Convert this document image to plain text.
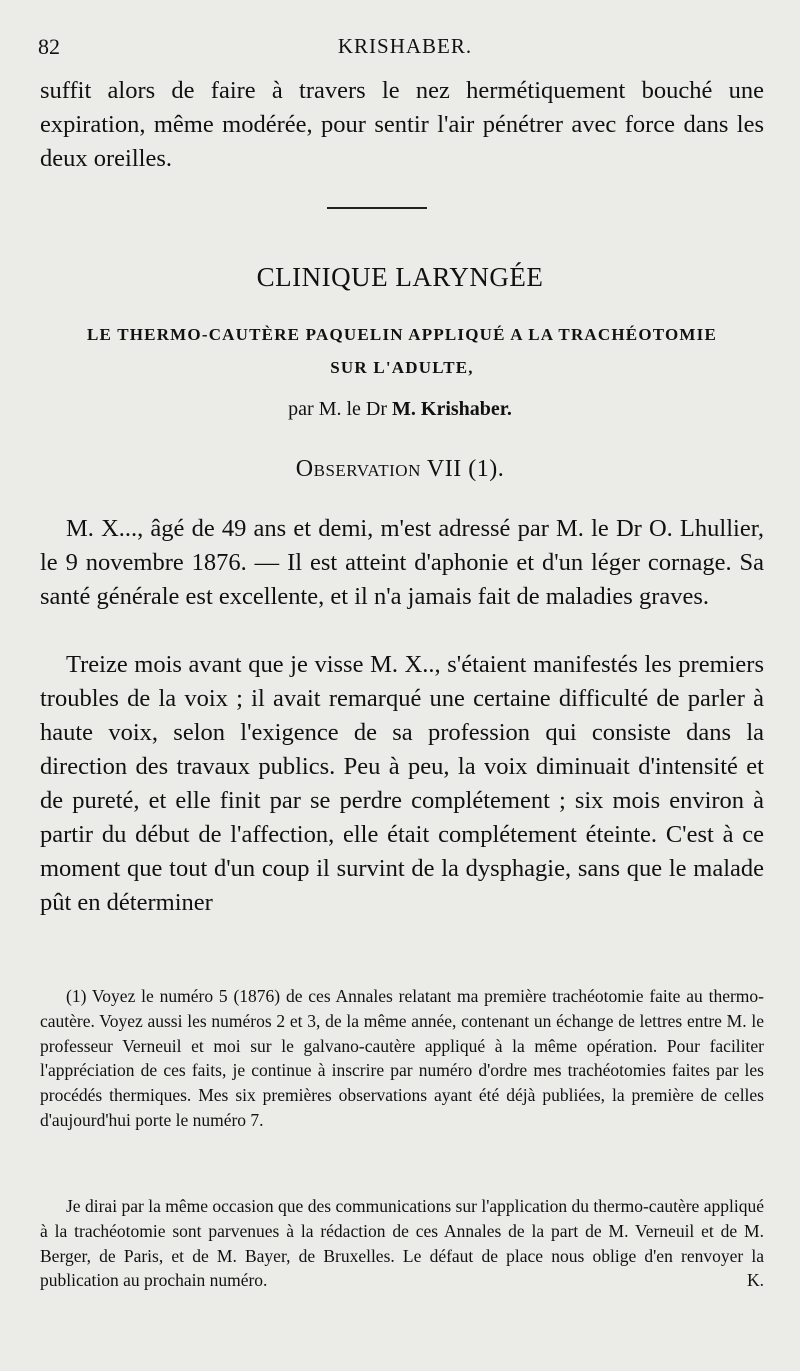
82	KRISHABER.
suffit alors de faire à travers le nez hermétiquement bouché une expiration, même modérée, pour sentir l'air pénétrer avec force dans les deux oreilles.
CLINIQUE LARYNGÉE
LE THERMO-CAUTÈRE PAQUELIN APPLIQUÉ A LA TRACHÉOTOMIE
SUR L'ADULTE,
par M. le Dr M. Krishaber.
Observation VII (1).
M. X..., âgé de 49 ans et demi, m'est adressé par M. le Dr O. Lhullier, le 9 novembre 1876. — Il est atteint d'aphonie et d'un léger cornage. Sa santé générale est excellente, et il n'a jamais fait de maladies graves.
Treize mois avant que je visse M. X.., s'étaient manifestés les premiers troubles de la voix ; il avait remarqué une certaine difficulté de parler à haute voix, selon l'exigence de sa profession qui consiste dans la direction des travaux publics. Peu à peu, la voix diminuait d'intensité et de pureté, et elle finit par se perdre complétement ; six mois environ à partir du début de l'affection, elle était complétement éteinte. C'est à ce moment que tout d'un coup il survint de la dysphagie, sans que le malade pût en déterminer
(1) Voyez le numéro 5 (1876) de ces Annales relatant ma première trachéotomie faite au thermo-cautère. Voyez aussi les numéros 2 et 3, de la même année, contenant un échange de lettres entre M. le professeur Verneuil et moi sur le galvano-cautère appliqué à la même opération. Pour faciliter l'appréciation de ces faits, je continue à inscrire par numéro d'ordre mes trachéotomies faites par les procédés thermiques. Mes six premières observations ayant été déjà publiées, la première de celles d'aujourd'hui porte le numéro 7.
Je dirai par la même occasion que des communications sur l'application du thermo-cautère appliqué à la trachéotomie sont parvenues à la rédaction de ces Annales de la part de M. Verneuil et de M. Berger, de Paris, et de M. Bayer, de Bruxelles. Le défaut de place nous oblige d'en renvoyer la publication au prochain numéro.	K.
